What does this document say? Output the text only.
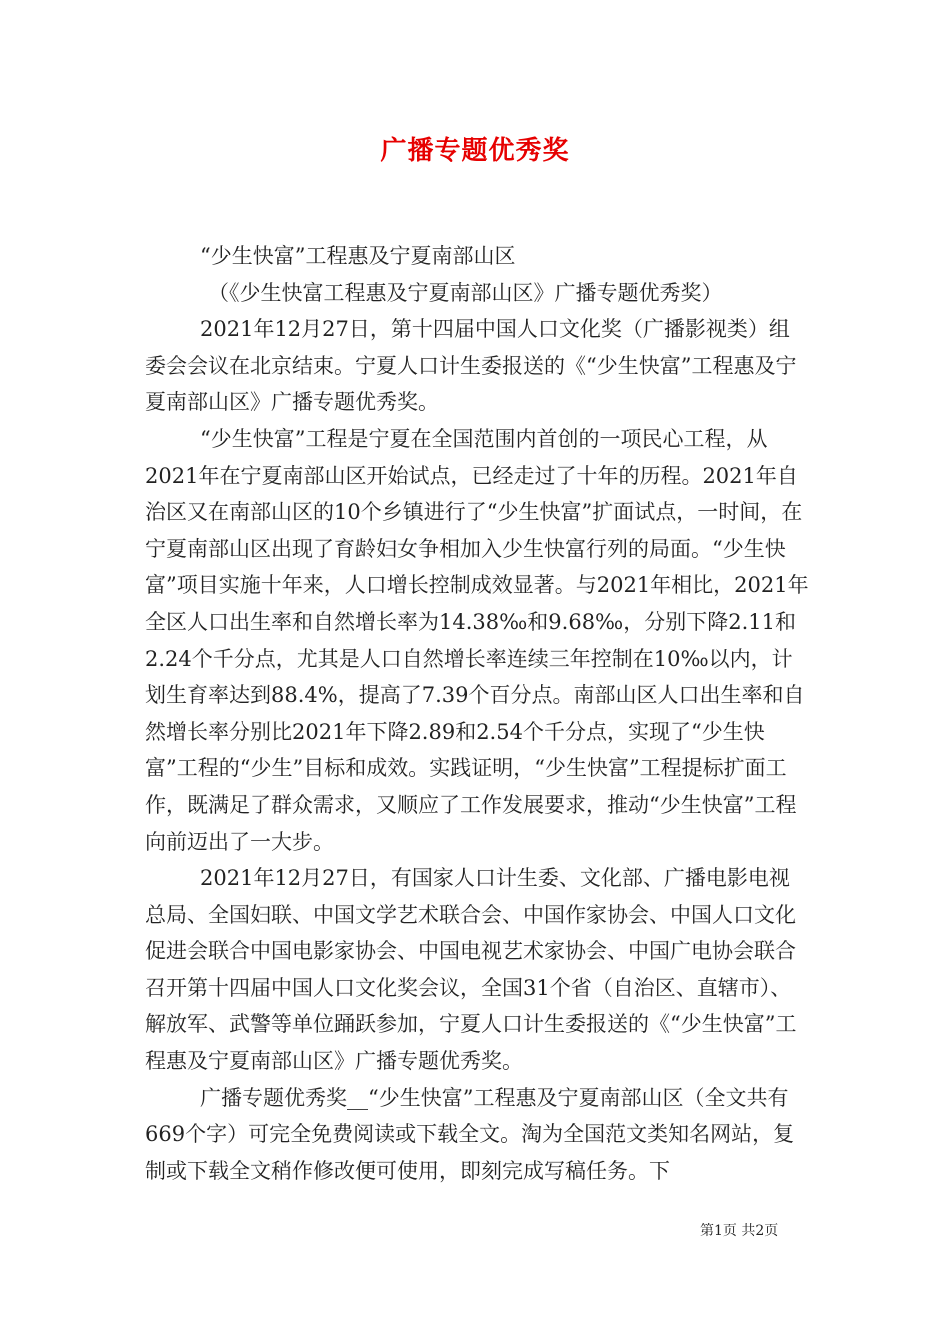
广播专题优秀奖

“少生快富”工程惠及宁夏南部山区

（《少生快富工程惠及宁夏南部山区》广播专题优秀奖）

2021年12月27日，第十四届中国人口文化奖（广播影视类）组委会会议在北京结束。宁夏人口计生委报送的《“少生快富”工程惠及宁夏南部山区》广播专题优秀奖。

“少生快富”工程是宁夏在全国范围内首创的一项民心工程，从2021年在宁夏南部山区开始试点，已经走过了十年的历程。2021年自治区又在南部山区的10个乡镇进行了“少生快富”扩面试点，一时间，在宁夏南部山区出现了育龄妇女争相加入少生快富行列的局面。“少生快富”项目实施十年来，人口增长控制成效显著。与2021年相比，2021年全区人口出生率和自然增长率为14.38‰和9.68‰，分别下降2.11和2.24个千分点，尤其是人口自然增长率连续三年控制在10‰以内，计划生育率达到88.4%，提高了7.39个百分点。南部山区人口出生率和自然增长率分别比2021年下降2.89和2.54个千分点，实现了“少生快富”工程的“少生”目标和成效。实践证明，“少生快富”工程提标扩面工作，既满足了群众需求，又顺应了工作发展要求，推动“少生快富”工程向前迈出了一大步。

2021年12月27日，有国家人口计生委、文化部、广播电影电视总局、全国妇联、中国文学艺术联合会、中国作家协会、中国人口文化促进会联合中国电影家协会、中国电视艺术家协会、中国广电协会联合召开第十四届中国人口文化奖会议，全国31个省（自治区、直辖市）、解放军、武警等单位踊跃参加，宁夏人口计生委报送的《“少生快富”工程惠及宁夏南部山区》广播专题优秀奖。

广播专题优秀奖__“少生快富”工程惠及宁夏南部山区（全文共有669个字）可完全免费阅读或下载全文。淘为全国范文类知名网站，复制或下载全文稍作修改便可使用，即刻完成写稿任务。下

第1页 共2页
